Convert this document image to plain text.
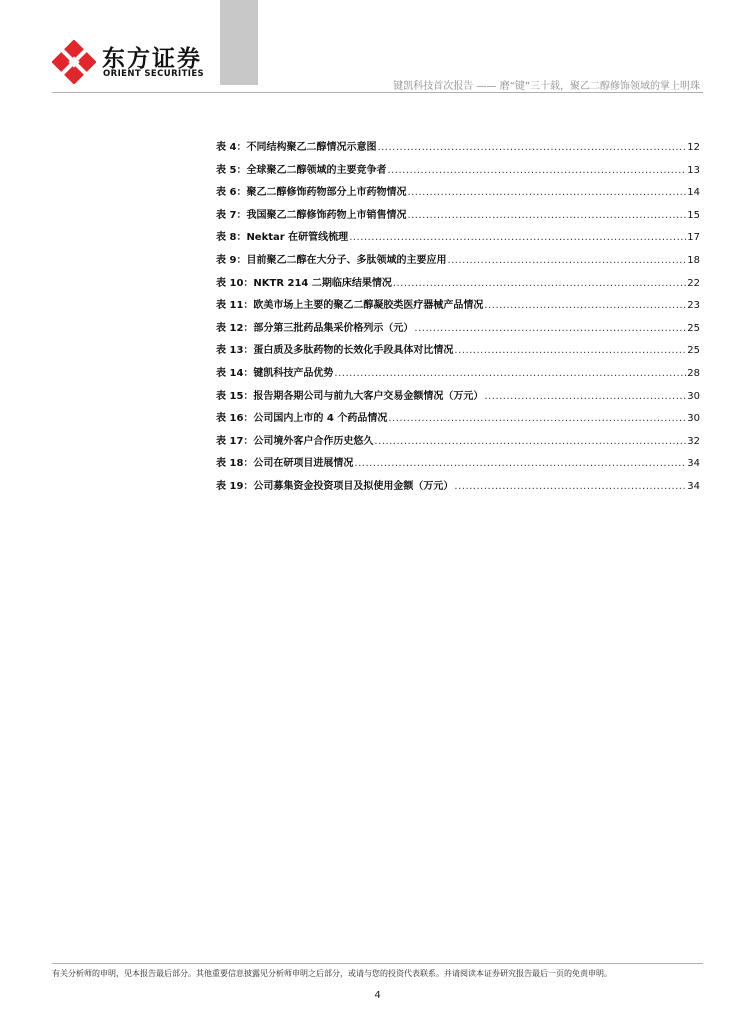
东方证券
ORIENT SECURITIES
键凯科技首次报告 —— 磨“键”三十载，聚乙二醇修饰领域的掌上明珠
表 4：不同结构聚乙二醇情况示意图 .....	12
表 5：全球聚乙二醇领域的主要竞争者 .....	13
表 6：聚乙二醇修饰药物部分上市药物情况 .....	14
表 7：我国聚乙二醇修饰药物上市销售情况 .....	15
表 8：Nektar 在研管线梳理 .....	17
表 9：目前聚乙二醇在大分子、多肽领域的主要应用 .....	18
表 10：NKTR 214 二期临床结果情况 .....	22
表 11：欧美市场上主要的聚乙二醇凝胶类医疗器械产品情况 .....	23
表 12：部分第三批药品集采价格列示（元） .....	25
表 13：蛋白质及多肽药物的长效化手段具体对比情况 .....	25
表 14：键凯科技产品优势 .....	28
表 15：报告期各期公司与前九大客户交易金额情况（万元） .....	30
表 16：公司国内上市的 4 个药品情况 .....	30
表 17：公司境外客户合作历史悠久 .....	32
表 18：公司在研项目进展情况 .....	34
表 19：公司募集资金投资项目及拟使用金额（万元） .....	34
有关分析师的申明，见本报告最后部分。其他重要信息披露见分析师申明之后部分，或请与您的投资代表联系。并请阅读本证券研究报告最后一页的免责申明。
4
